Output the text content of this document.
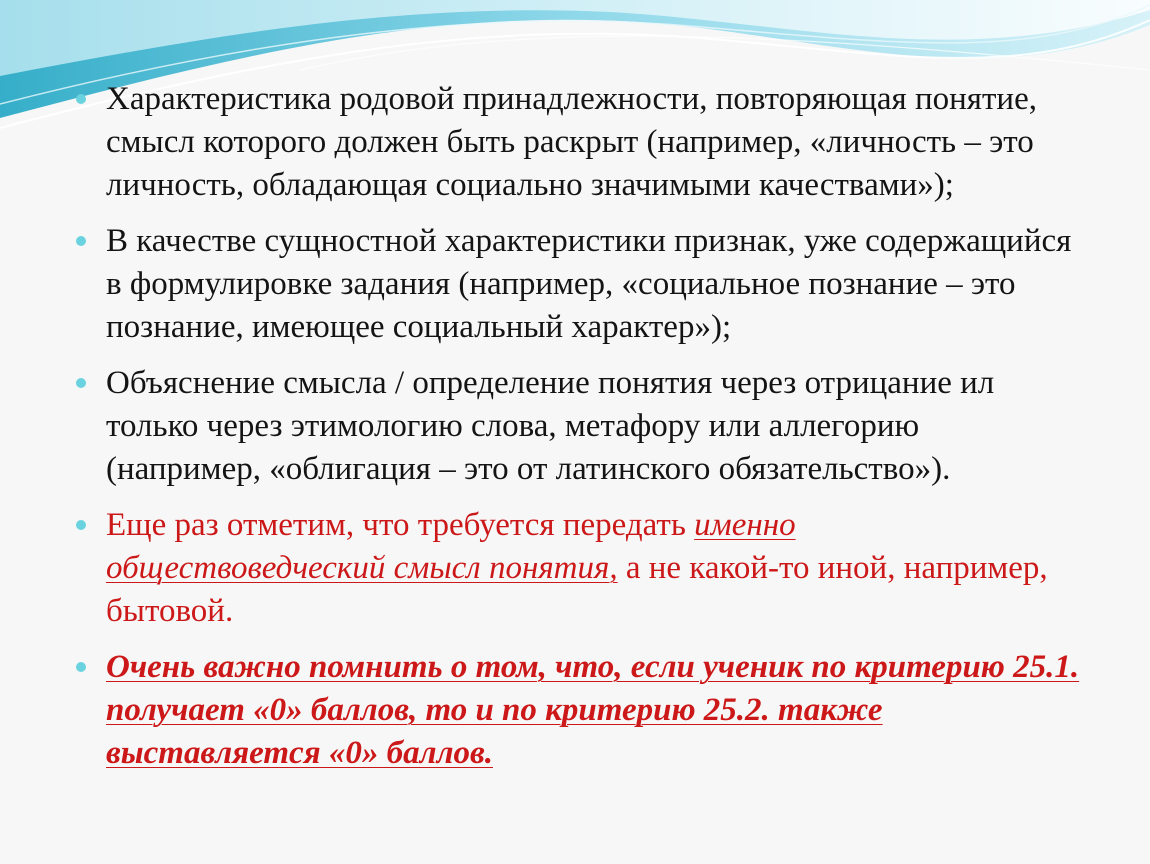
Характеристика родовой принадлежности, повторяющая понятие, смысл которого должен быть раскрыт (например, «личность – это личность, обладающая социально значимыми качествами»);
В качестве сущностной характеристики признак, уже содержащийся в формулировке задания (например, «социальное познание – это познание, имеющее социальный характер»);
Объяснение смысла / определение понятия через отрицание ил только через этимологию слова, метафору или аллегорию (например, «облигация – это от латинского обязательство»).
Еще раз отметим, что требуется передать именно обществоведческий смысл понятия, а не какой-то иной, например, бытовой.
Очень важно помнить о том, что, если ученик по критерию 25.1. получает «0» баллов, то и по критерию 25.2. также выставляется «0» баллов.
